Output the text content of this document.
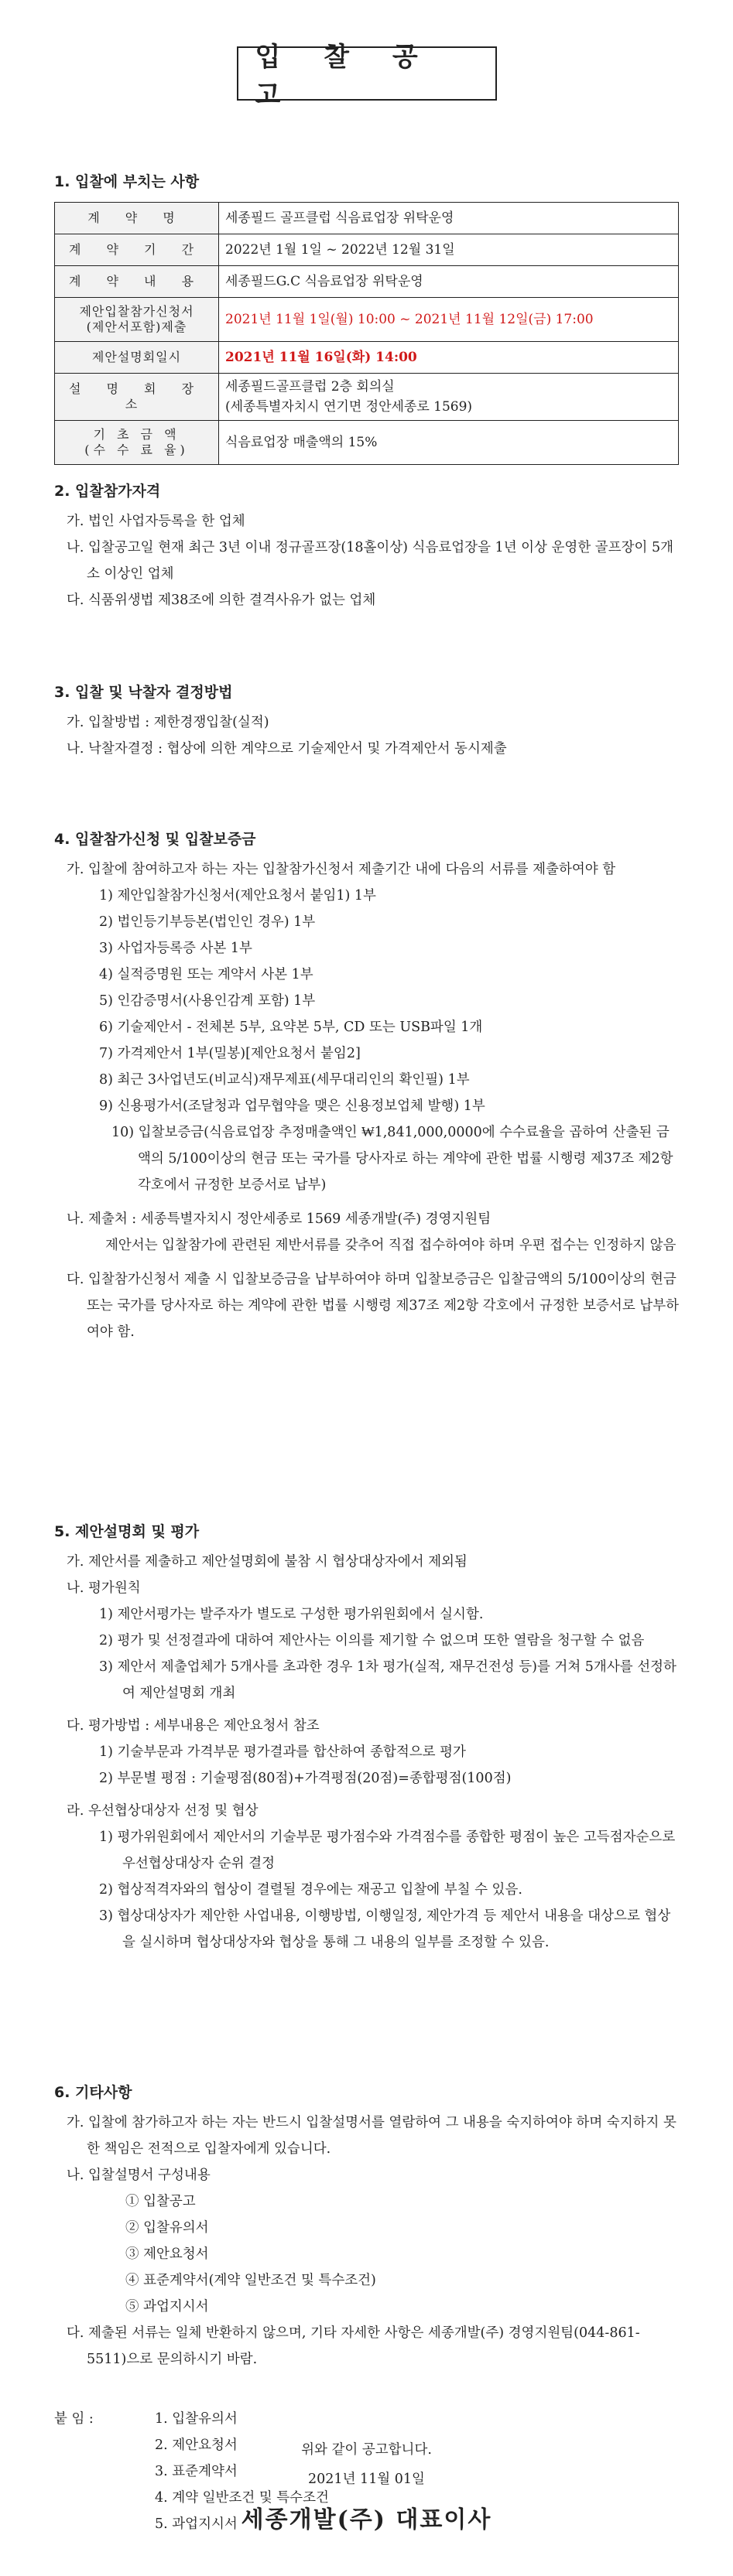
입 찰 공 고
1. 입찰에 부치는 사항
계 약 명	세종필드 골프클럽 식음료업장 위탁운영
계 약 기 간	2022년 1월 1일 ~ 2022년 12월 31일
계 약 내 용	세종필드G.C 식음료업장 위탁운영
제안입찰참가신청서
(제안서포함)제출	2021년 11월 1일(월) 10:00 ~ 2021년 11월 12일(금) 17:00
제안설명회일시	2021년 11월 16일(화) 14:00
설 명 회 장 소	세종필드골프클럽 2층 회의실
(세종특별자치시 연기면 정안세종로 1569)
기 초 금 액
(수 수 료 율)	식음료업장 매출액의 15%
2. 입찰참가자격

가. 법인 사업자등록을 한 업체

나. 입찰공고일 현재 최근 3년 이내 정규골프장(18홀이상) 식음료업장을 1년 이상 운영한 골프장이 5개소 이상인 업체

다. 식품위생법 제38조에 의한 결격사유가 없는 업체

3. 입찰 및 낙찰자 결정방법

가. 입찰방법 : 제한경쟁입찰(실적)

나. 낙찰자결정 : 협상에 의한 계약으로 기술제안서 및 가격제안서 동시제출

4. 입찰참가신청 및 입찰보증금

가. 입찰에 참여하고자 하는 자는 입찰참가신청서 제출기간 내에 다음의 서류를 제출하여야 함

1) 제안입찰참가신청서(제안요청서 붙임1) 1부

2) 법인등기부등본(법인인 경우) 1부

3) 사업자등록증 사본 1부

4) 실적증명원 또는 계약서 사본 1부

5) 인감증명서(사용인감계 포함) 1부

6) 기술제안서 - 전체본 5부, 요약본 5부, CD 또는 USB파일 1개

7) 가격제안서 1부(밀봉)[제안요청서 붙임2]

8) 최근 3사업년도(비교식)재무제표(세무대리인의 확인필) 1부

9) 신용평가서(조달청과 업무협약을 맺은 신용정보업체 발행) 1부

10) 입찰보증금(식음료업장 추정매출액인 ₩1,841,000,0000에 수수료율을 곱하여 산출된 금액의 5/100이상의 현금 또는 국가를 당사자로 하는 계약에 관한 법률 시행령 제37조 제2항 각호에서 규정한 보증서로 납부)

나. 제출처 : 세종특별자치시 정안세종로 1569 세종개발(주) 경영지원팀

제안서는 입찰참가에 관련된 제반서류를 갖추어 직접 접수하여야 하며 우편 접수는 인정하지 않음

다. 입찰참가신청서 제출 시 입찰보증금을 납부하여야 하며 입찰보증금은 입찰금액의 5/100이상의 현금 또는 국가를 당사자로 하는 계약에 관한 법률 시행령 제37조 제2항 각호에서 규정한 보증서로 납부하여야 함.

5. 제안설명회 및 평가

가. 제안서를 제출하고 제안설명회에 불참 시 협상대상자에서 제외됨

나. 평가원칙

1) 제안서평가는 발주자가 별도로 구성한 평가위원회에서 실시함.

2) 평가 및 선정결과에 대하여 제안사는 이의를 제기할 수 없으며 또한 열람을 청구할 수 없음

3) 제안서 제출업체가 5개사를 초과한 경우 1차 평가(실적, 재무건전성 등)를 거쳐 5개사를 선정하여 제안설명회 개최

다. 평가방법 : 세부내용은 제안요청서 참조

1) 기술부문과 가격부문 평가결과를 합산하여 종합적으로 평가

2) 부문별 평점 : 기술평점(80점)+가격평점(20점)=종합평점(100점)

라. 우선협상대상자 선정 및 협상

1) 평가위원회에서 제안서의 기술부문 평가점수와 가격점수를 종합한 평점이 높은 고득점자순으로 우선협상대상자 순위 결정

2) 협상적격자와의 협상이 결렬될 경우에는 재공고 입찰에 부칠 수 있음.

3) 협상대상자가 제안한 사업내용, 이행방법, 이행일정, 제안가격 등 제안서 내용을 대상으로 협상을 실시하며 협상대상자와 협상을 통해 그 내용의 일부를 조정할 수 있음.

6. 기타사항

가. 입찰에 참가하고자 하는 자는 반드시 입찰설명서를 열람하여 그 내용을 숙지하여야 하며 숙지하지 못한 책임은 전적으로 입찰자에게 있습니다.

나. 입찰설명서 구성내용

① 입찰공고

② 입찰유의서

③ 제안요청서

④ 표준계약서(계약 일반조건 및 특수조건)

⑤ 과업지시서

다. 제출된 서류는 일체 반환하지 않으며, 기타 자세한 사항은 세종개발(주) 경영지원팀(044-861-5511)으로 문의하시기 바람.

붙 임 :	1. 입찰유의서

2. 제안요청서

3. 표준계약서

4. 계약 일반조건 및 특수조건

5. 과업지시서

위와 같이 공고합니다.

2021년 11월 01일

세종개발(주) 대표이사
